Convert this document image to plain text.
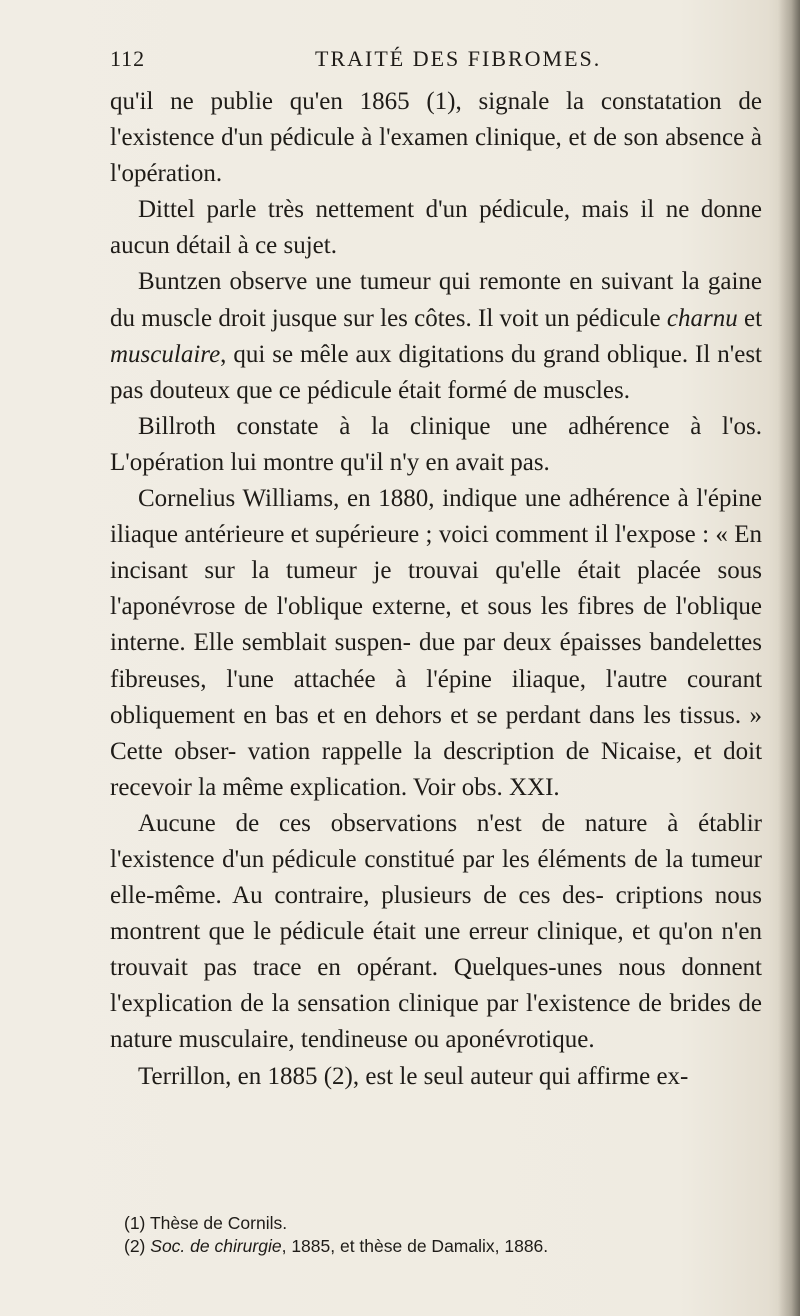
112	TRAITÉ DES FIBROMES.

qu'il ne publie qu'en 1865 (1), signale la constatation de l'existence d'un pédicule à l'examen clinique, et de son absence à l'opération.

Dittel parle très nettement d'un pédicule, mais il ne donne aucun détail à ce sujet.

Buntzen observe une tumeur qui remonte en suivant la gaine du muscle droit jusque sur les côtes. Il voit un pédicule charnu et musculaire, qui se mêle aux digitations du grand oblique. Il n'est pas douteux que ce pédicule était formé de muscles.

Billroth constate à la clinique une adhérence à l'os. L'opération lui montre qu'il n'y en avait pas.

Cornelius Williams, en 1880, indique une adhérence à l'épine iliaque antérieure et supérieure ; voici comment il l'expose : « En incisant sur la tumeur je trouvai qu'elle était placée sous l'aponévrose de l'oblique externe, et sous les fibres de l'oblique interne. Elle semblait suspen- due par deux épaisses bandelettes fibreuses, l'une attachée à l'épine iliaque, l'autre courant obliquement en bas et en dehors et se perdant dans les tissus. » Cette obser- vation rappelle la description de Nicaise, et doit recevoir la même explication. Voir obs. XXI.

Aucune de ces observations n'est de nature à établir l'existence d'un pédicule constitué par les éléments de la tumeur elle-même. Au contraire, plusieurs de ces des- criptions nous montrent que le pédicule était une erreur clinique, et qu'on n'en trouvait pas trace en opérant. Quelques-unes nous donnent l'explication de la sensation clinique par l'existence de brides de nature musculaire, tendineuse ou aponévrotique.

Terrillon, en 1885 (2), est le seul auteur qui affirme ex-

(1) Thèse de Cornils.
(2) Soc. de chirurgie, 1885, et thèse de Damalix, 1886.
